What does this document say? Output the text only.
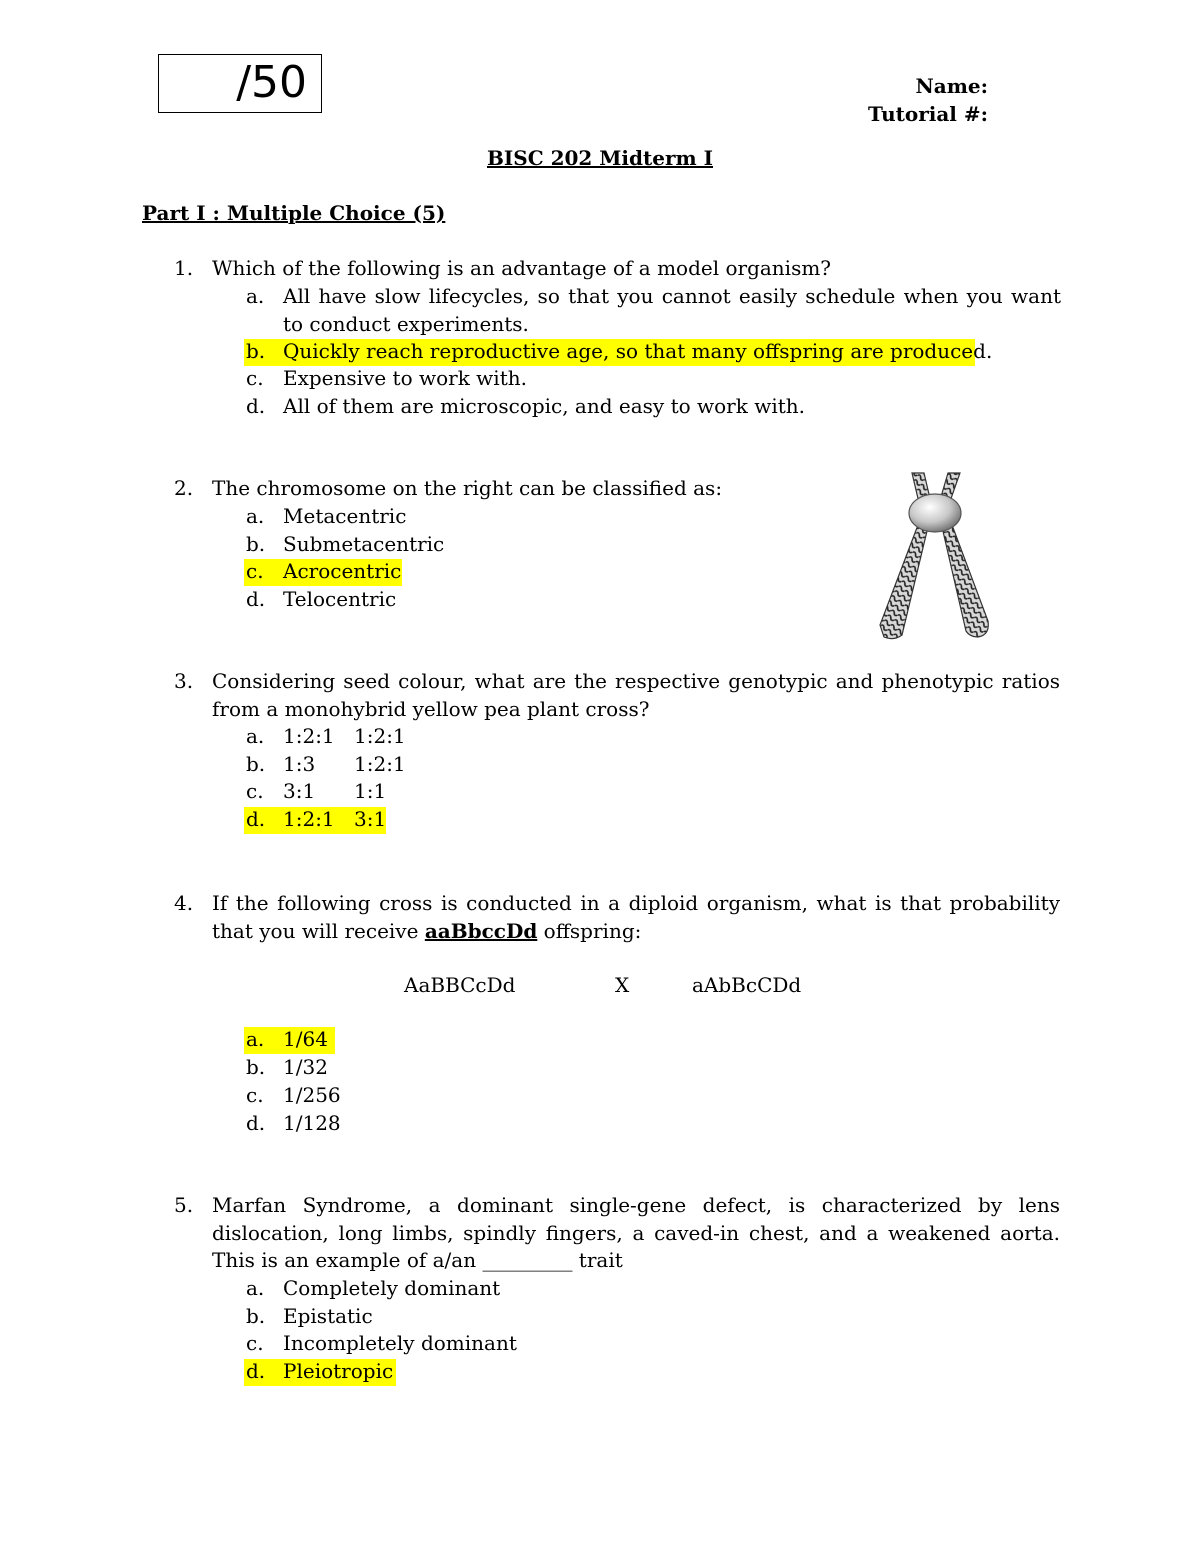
/50	Name:
Tutorial #:
BISC 202 Midterm I
Part I : Multiple Choice (5)
1. Which of the following is an advantage of a model organism?
a. All have slow lifecycles, so that you cannot easily schedule when you want to conduct experiments.
b. Quickly reach reproductive age, so that many offspring are produced.
c. Expensive to work with.
d. All of them are microscopic, and easy to work with.
2. The chromosome on the right can be classified as:
a. Metacentric
b. Submetacentric
c. Acrocentric
d. Telocentric
3. Considering seed colour, what are the respective genotypic and phenotypic ratios from a monohybrid yellow pea plant cross?
a. 1:2:1 1:2:1
b. 1:3 1:2:1
c. 3:1 1:1
d. 1:2:1 3:1
4. If the following cross is conducted in a diploid organism, what is that probability that you will receive aaBbccDd offspring:
AaBBCcDd	X	aAbBcCDd
a. 1/64
b. 1/32
c. 1/256
d. 1/128
5. Marfan Syndrome, a dominant single-gene defect, is characterized by lens dislocation, long limbs, spindly fingers, a caved-in chest, and a weakened aorta. This is an example of a/an _________ trait
a. Completely dominant
b. Epistatic
c. Incompletely dominant
d. Pleiotropic
